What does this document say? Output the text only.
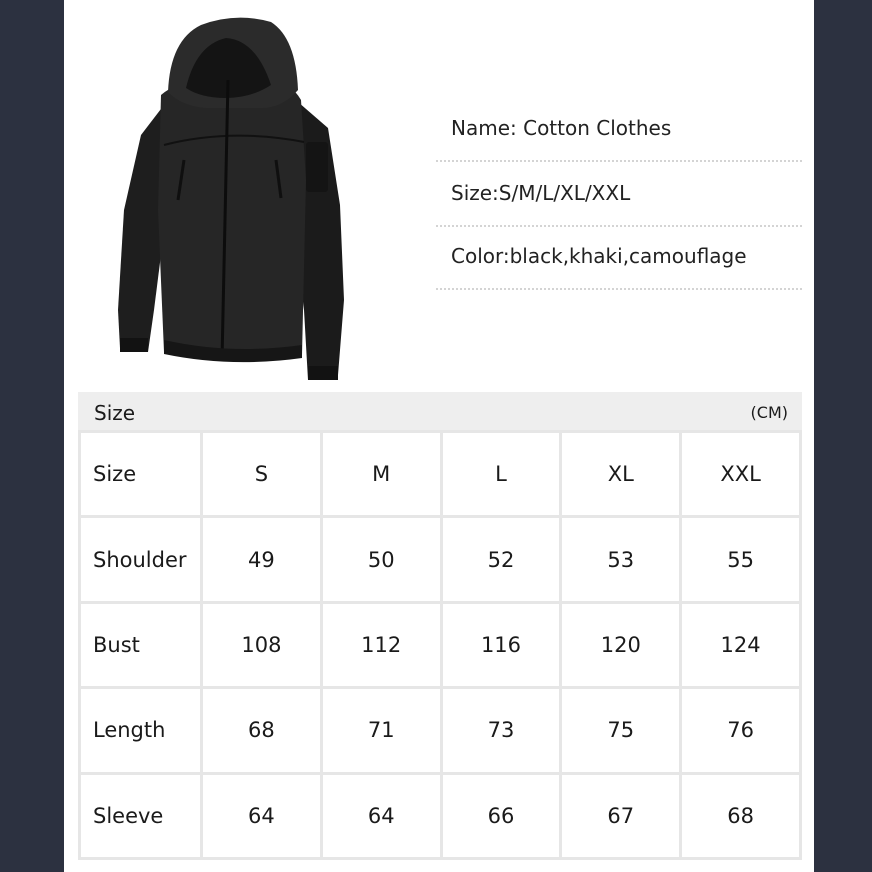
Name: Cotton Clothes
Size:S/M/L/XL/XXL
Color:black,khaki,camouflage
Size	(CM)
Size	S	M	L	XL	XXL
Shoulder	49	50	52	53	55
Bust	108	112	116	120	124
Length	68	71	73	75	76
Sleeve	64	64	66	67	68
